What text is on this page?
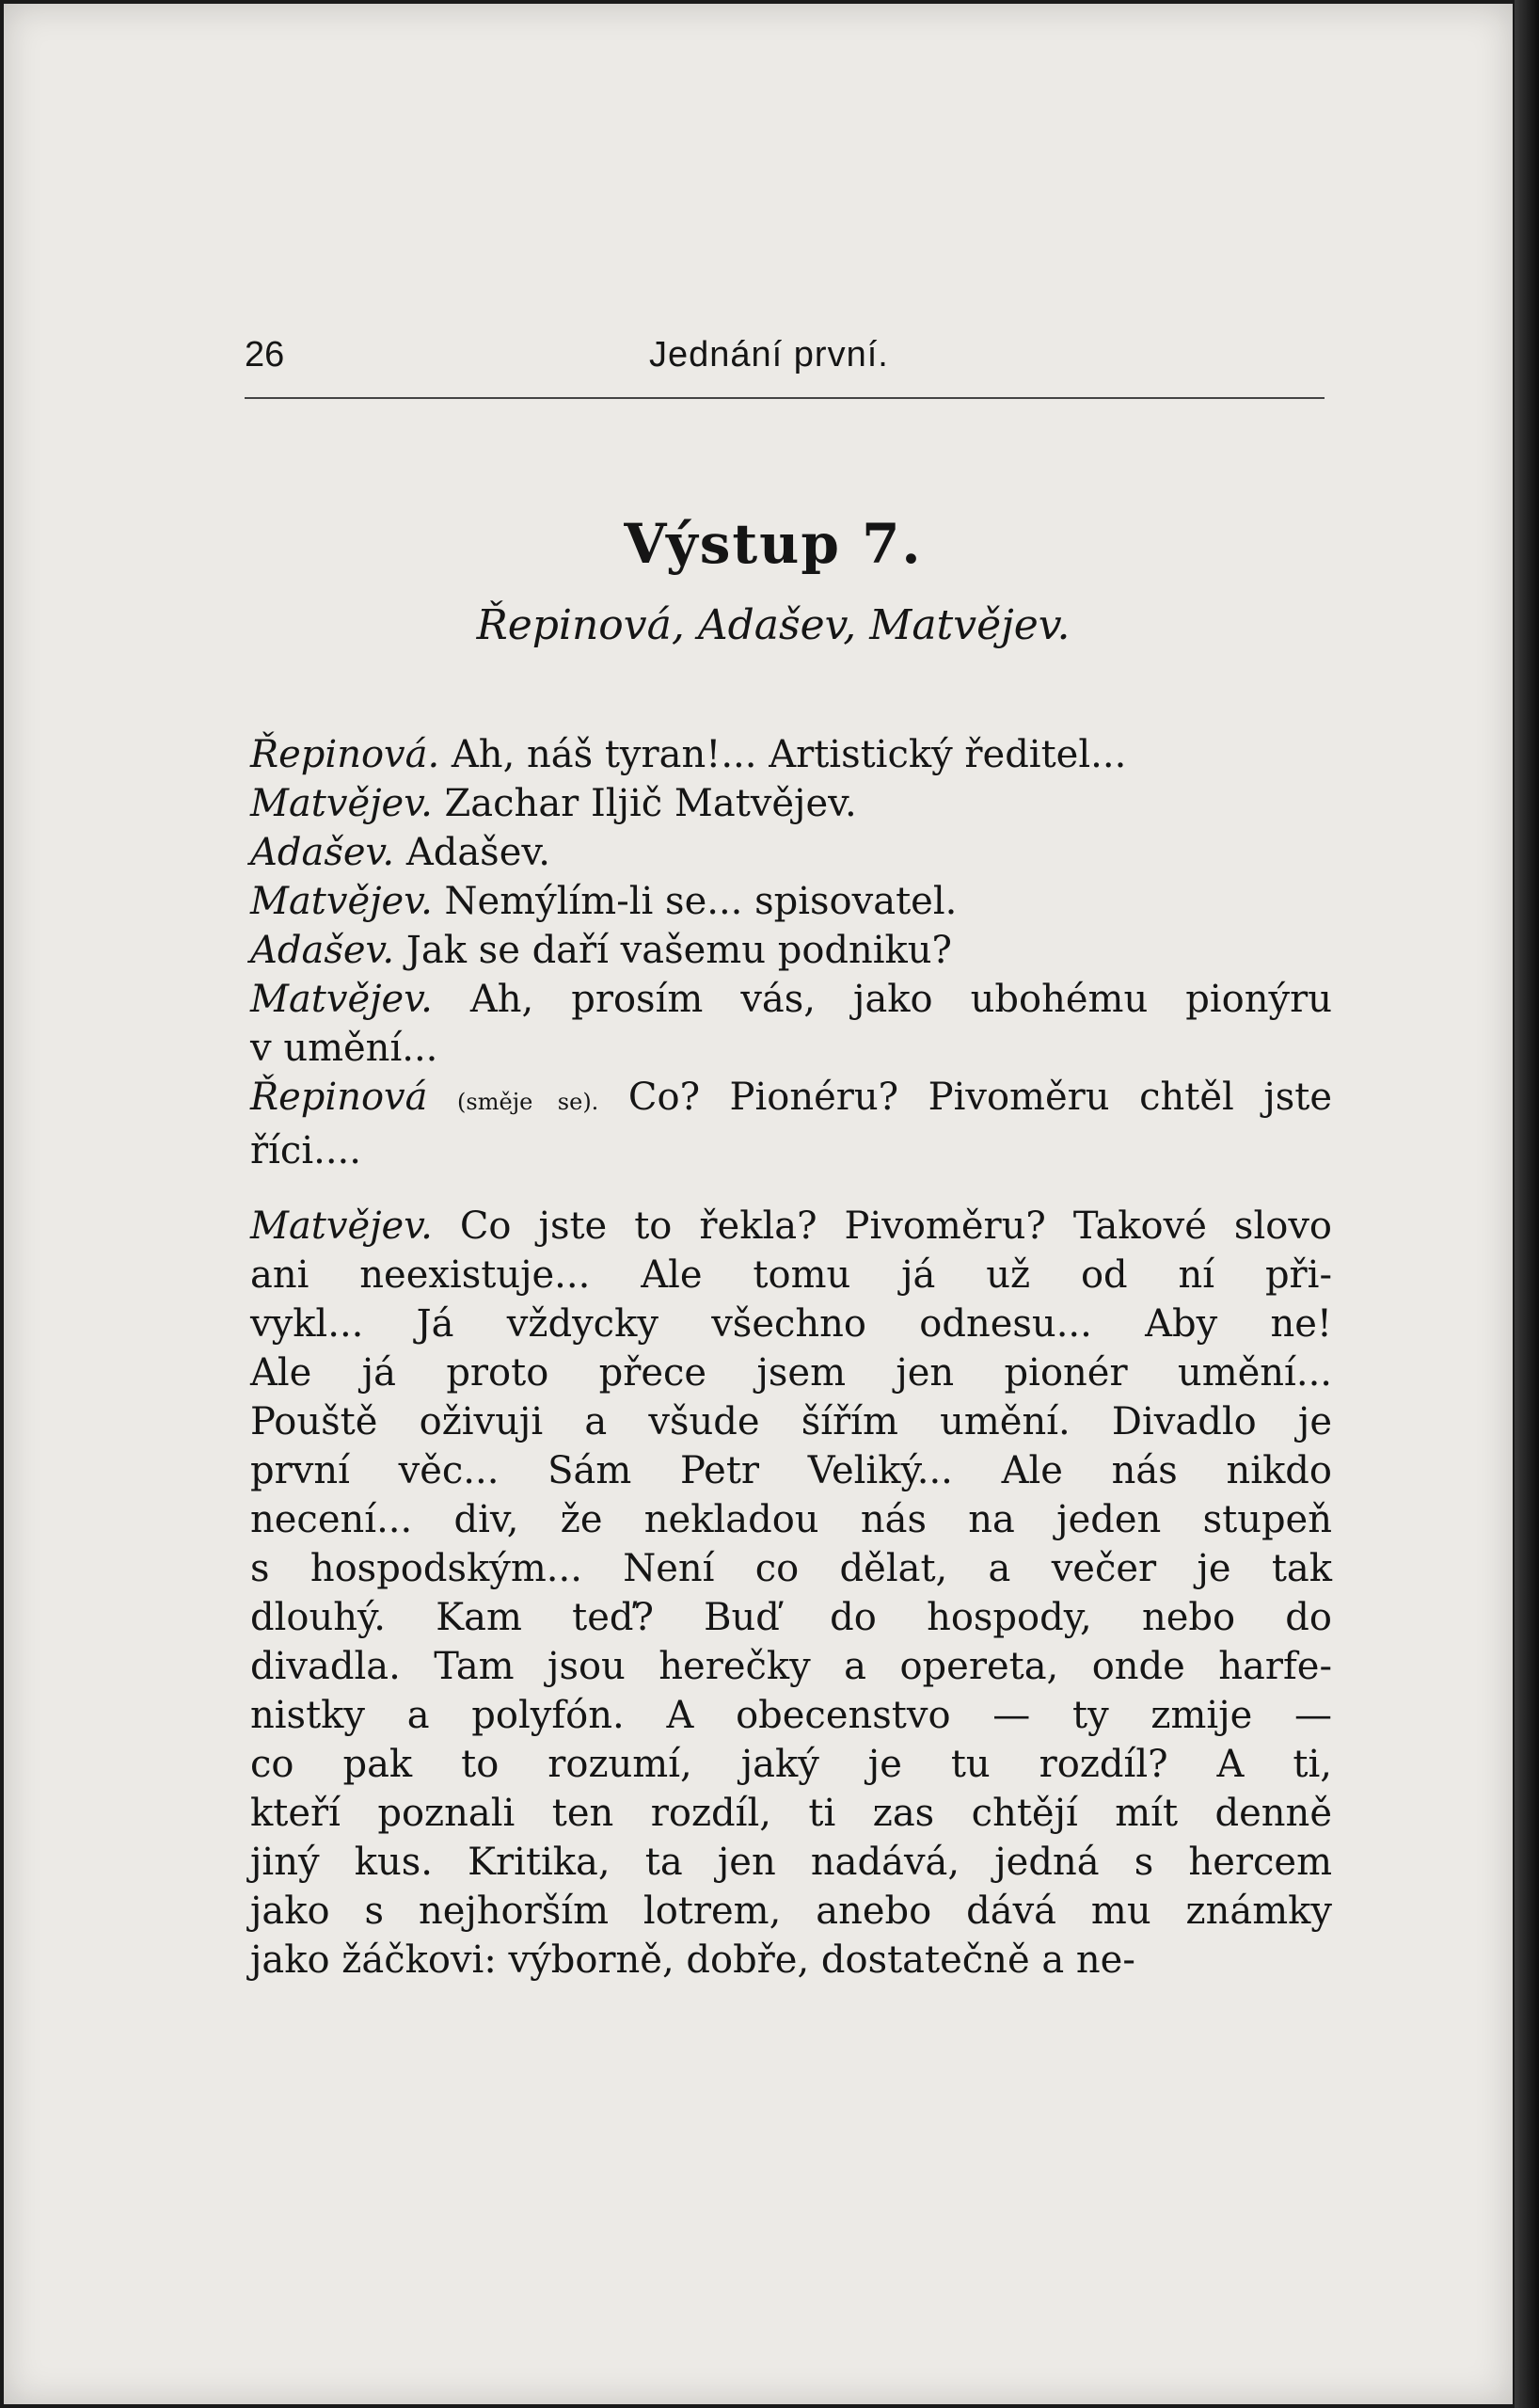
26	Jednání první.
Výstup 7.
Řepinová, Adašev, Matvějev.

Řepinová. Ah, náš tyran!... Artistický ředitel...

Matvějev. Zachar Iljič Matvějev.

Adašev. Adašev.

Matvějev. Nemýlím-li se... spisovatel.

Adašev. Jak se daří vašemu podniku?

Matvějev. Ah, prosím vás, jako ubohému pionýru
v umění...

Řepinová (směje se). Co? Pionéru? Pivoměru chtěl jste
říci....

Matvějev. Co jste to řekla? Pivoměru? Takové slovo
ani neexistuje... Ale tomu já už od ní při-
vykl... Já vždycky všechno odnesu... Aby ne!
Ale já proto přece jsem jen pionér umění...
Pouště oživuji a všude šířím umění. Divadlo je
první věc... Sám Petr Veliký... Ale nás nikdo
necení... div, že nekladou nás na jeden stupeň
s hospodským... Není co dělat, a večer je tak
dlouhý. Kam teď? Buď do hospody, nebo do
divadla. Tam jsou herečky a opereta, onde harfe-
nistky a polyfón. A obecenstvo — ty zmije —
co pak to rozumí, jaký je tu rozdíl? A ti,
kteří poznali ten rozdíl, ti zas chtějí mít denně
jiný kus. Kritika, ta jen nadává, jedná s hercem
jako s nejhorším lotrem, anebo dává mu známky
jako žáčkovi: výborně, dobře, dostatečně a ne-
